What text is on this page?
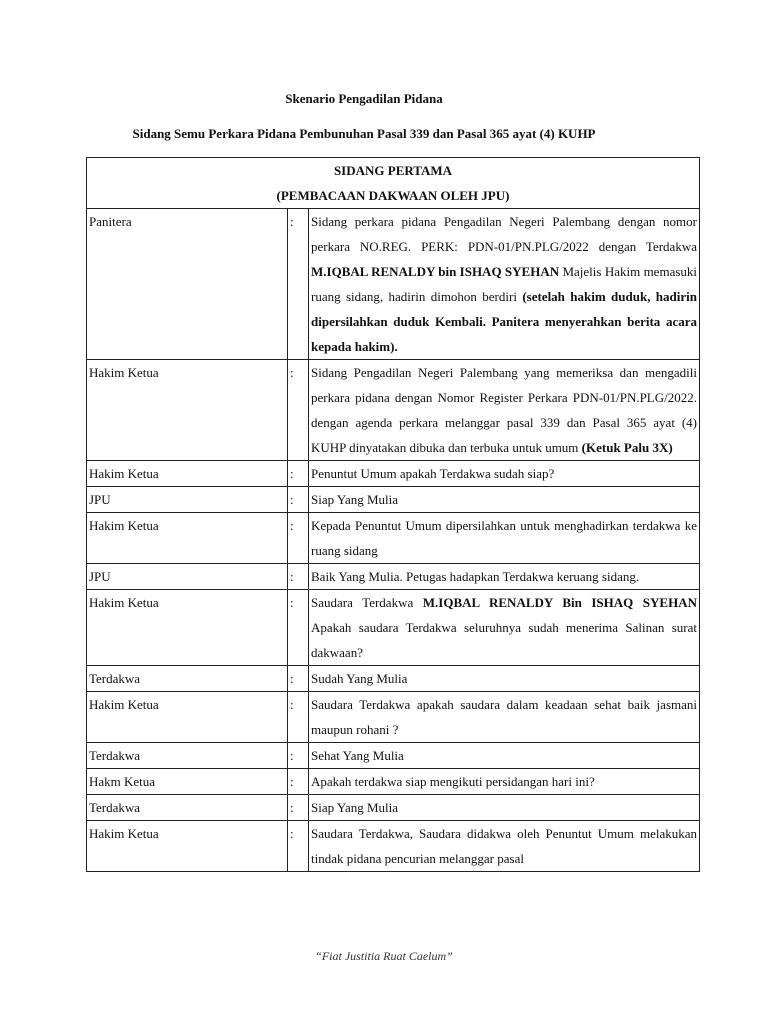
Skenario Pengadilan Pidana
Sidang Semu Perkara Pidana Pembunuhan Pasal 339 dan Pasal 365 ayat (4) KUHP
SIDANG PERTAMA
(PEMBACAAN DAKWAAN OLEH JPU)		

Panitera	:	Sidang perkara pidana Pengadilan Negeri Palembang dengan nomor perkara NO.REG. PERK: PDN-01/PN.PLG/2022 dengan Terdakwa M.IQBAL RENALDY bin ISHAQ SYEHAN Majelis Hakim memasuki ruang sidang, hadirin dimohon berdiri (setelah hakim duduk, hadirin dipersilahkan duduk Kembali. Panitera menyerahkan berita acara kepada hakim).
Hakim Ketua	:	Sidang Pengadilan Negeri Palembang yang memeriksa dan mengadili perkara pidana dengan Nomor Register Perkara PDN-01/PN.PLG/2022. dengan agenda perkara melanggar pasal 339 dan Pasal 365 ayat (4) KUHP dinyatakan dibuka dan terbuka untuk umum (Ketuk Palu 3X)
Hakim Ketua	:	Penuntut Umum apakah Terdakwa sudah siap?
JPU	:	Siap Yang Mulia
Hakim Ketua	:	Kepada Penuntut Umum dipersilahkan untuk menghadirkan terdakwa ke ruang sidang
JPU	:	Baik Yang Mulia. Petugas hadapkan Terdakwa keruang sidang.
Hakim Ketua	:	Saudara Terdakwa M.IQBAL RENALDY Bin ISHAQ SYEHAN Apakah saudara Terdakwa seluruhnya sudah menerima Salinan surat dakwaan?
Terdakwa	:	Sudah Yang Mulia
Hakim Ketua	:	Saudara Terdakwa apakah saudara dalam keadaan sehat baik jasmani maupun rohani ?
Terdakwa	:	Sehat Yang Mulia
Hakm Ketua	:	Apakah terdakwa siap mengikuti persidangan hari ini?
Terdakwa	:	Siap Yang Mulia
Hakim Ketua	:	Saudara Terdakwa, Saudara didakwa oleh Penuntut Umum melakukan tindak pidana pencurian melanggar pasal
“Fiat Justitia Ruat Caelum”
